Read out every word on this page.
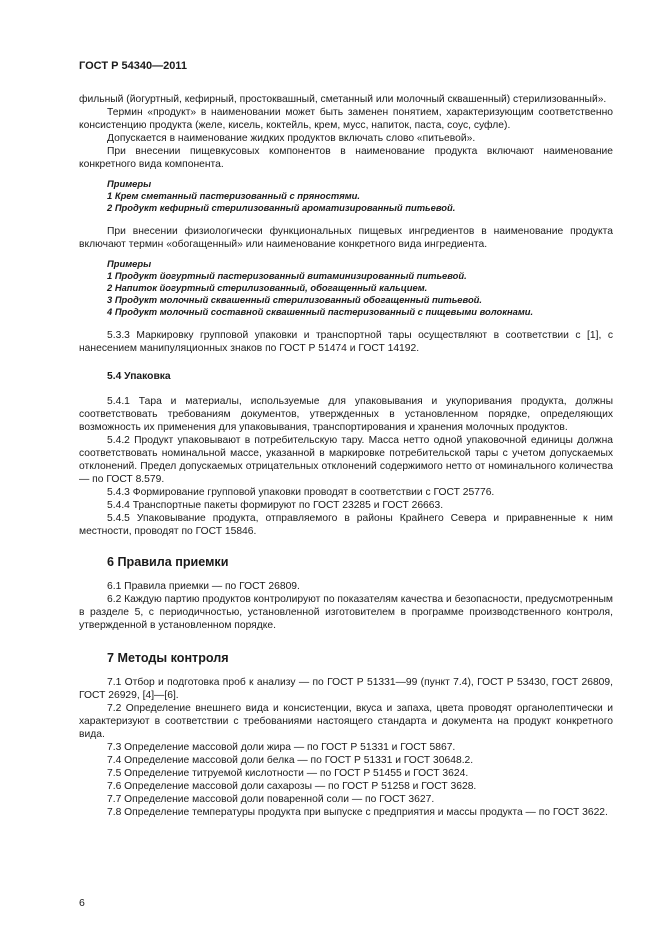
ГОСТ Р 54340—2011

фильный (йогуртный, кефирный, простоквашный, сметанный или молочный сквашенный) стерилизованный».

Термин «продукт» в наименовании может быть заменен понятием, характеризующим соответственно консистенцию продукта (желе, кисель, коктейль, крем, мусс, напиток, паста, соус, суфле).

Допускается в наименование жидких продуктов включать слово «питьевой».

При внесении пищевкусовых компонентов в наименование продукта включают наименование конкретного вида компонента.

Примеры
1 Крем сметанный пастеризованный с пряностями.
2 Продукт кефирный стерилизованный ароматизированный питьевой.

При внесении физиологически функциональных пищевых ингредиентов в наименование продукта включают термин «обогащенный» или наименование конкретного вида ингредиента.

Примеры
1 Продукт йогуртный пастеризованный витаминизированный питьевой.
2 Напиток йогуртный стерилизованный, обогащенный кальцием.
3 Продукт молочный сквашенный стерилизованный обогащенный питьевой.
4 Продукт молочный составной сквашенный пастеризованный с пищевыми волокнами.

5.3.3 Маркировку групповой упаковки и транспортной тары осуществляют в соответствии с [1], с нанесением манипуляционных знаков по ГОСТ Р 51474 и ГОСТ 14192.

5.4 Упаковка

5.4.1 Тара и материалы, используемые для упаковывания и укупоривания продукта, должны соответствовать требованиям документов, утвержденных в установленном порядке, определяющих возможность их применения для упаковывания, транспортирования и хранения молочных продуктов.

5.4.2 Продукт упаковывают в потребительскую тару. Масса нетто одной упаковочной единицы должна соответствовать номинальной массе, указанной в маркировке потребительской тары с учетом допускаемых отклонений. Предел допускаемых отрицательных отклонений содержимого нетто от номинального количества — по ГОСТ 8.579.

5.4.3 Формирование групповой упаковки проводят в соответствии с ГОСТ 25776.

5.4.4 Транспортные пакеты формируют по ГОСТ 23285 и ГОСТ 26663.

5.4.5 Упаковывание продукта, отправляемого в районы Крайнего Севера и приравненные к ним местности, проводят по ГОСТ 15846.

6 Правила приемки

6.1 Правила приемки — по ГОСТ 26809.

6.2 Каждую партию продуктов контролируют по показателям качества и безопасности, предусмотренным в разделе 5, с периодичностью, установленной изготовителем в программе производственного контроля, утвержденной в установленном порядке.

7 Методы контроля

7.1 Отбор и подготовка проб к анализу — по ГОСТ Р 51331—99 (пункт 7.4), ГОСТ Р 53430, ГОСТ 26809, ГОСТ 26929, [4]—[6].

7.2 Определение внешнего вида и консистенции, вкуса и запаха, цвета проводят органолептически и характеризуют в соответствии с требованиями настоящего стандарта и документа на продукт конкретного вида.

7.3 Определение массовой доли жира — по ГОСТ Р 51331 и ГОСТ 5867.

7.4 Определение массовой доли белка — по ГОСТ Р 51331 и ГОСТ 30648.2.

7.5 Определение титруемой кислотности — по ГОСТ Р 51455 и ГОСТ 3624.

7.6 Определение массовой доли сахарозы — по ГОСТ Р 51258 и ГОСТ 3628.

7.7 Определение массовой доли поваренной соли — по ГОСТ 3627.

7.8 Определение температуры продукта при выпуске с предприятия и массы продукта — по ГОСТ 3622.

6
